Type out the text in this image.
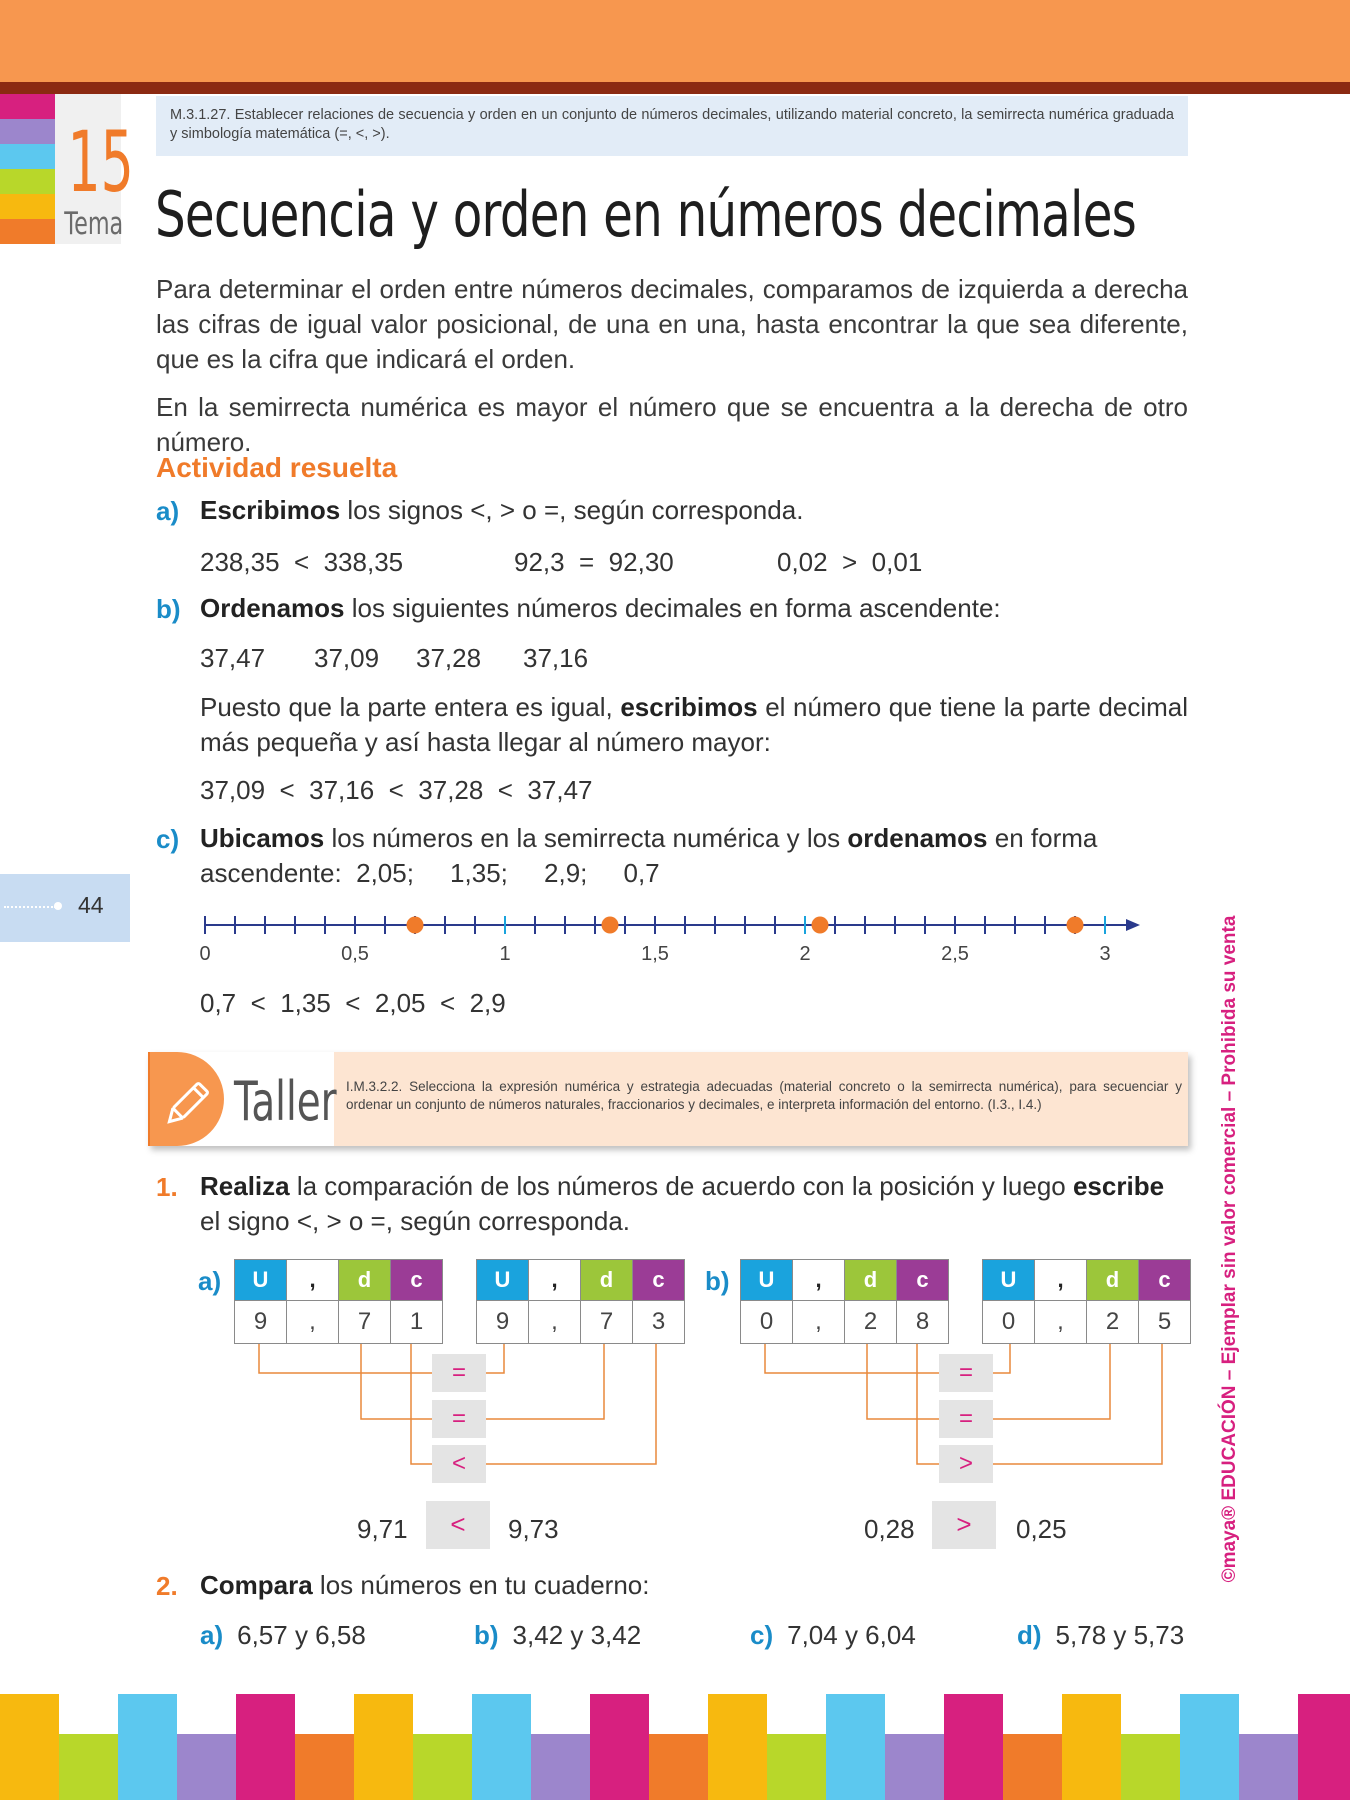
15
Tema
M.3.1.27. Establecer relaciones de secuencia y orden en un conjunto de números decimales, utilizando material concreto, la semirrecta numérica graduada y simbología matemática (=, <, >).
Secuencia y orden en números decimales
Para determinar el orden entre números decimales, comparamos de izquierda a derecha las cifras de igual valor posicional, de una en una, hasta encontrar la que sea diferente, que es la cifra que indicará el orden.
En la semirrecta numérica es mayor el número que se encuentra a la derecha de otro número.
Actividad resuelta
a) Escribimos los signos <, > o =, según corresponda.
238,35  <  338,35	92,3  =  92,30	0,02  >  0,01
b) Ordenamos los siguientes números decimales en forma ascendente:
37,47 37,09 37,28 37,16
Puesto que la parte entera es igual, escribimos el número que tiene la parte decimal más pequeña y así hasta llegar al número mayor:
37,09  <  37,16  <  37,28  <  37,47
c) Ubicamos los números en la semirrecta numérica y los ordenamos en forma
ascendente:  2,05;     1,35;     2,9;     0,7
0	0,5	1	1,5	2	2,5	3
0,7  <  1,35  <  2,05  <  2,9
44
©maya® EDUCACIÓN – Ejemplar sin valor comercial – Prohibida su venta
Taller I.M.3.2.2. Selecciona la expresión numérica y estrategia adecuadas (material concreto o la semirrecta numérica), para secuenciar y ordenar un conjunto de números naturales, fraccionarios y decimales, e interpreta información del entorno. (I.3., I.4.)
1. Realiza la comparación de los números de acuerdo con la posición y luego escribe
el signo <, > o =, según corresponda.
a) U	,	d	c
9	,	7	1
U	,	d	c
9	,	7	3
=
=
<
9,71	<	9,73
b) U	,	d	c
0	,	2	8
U	,	d	c
0	,	2	5
=
=
>
0,28	>	0,25
2. Compara los números en tu cuaderno:
a) 6,57 y 6,58	b) 3,42 y 3,42	c) 7,04 y 6,04	d) 5,78 y 5,73
